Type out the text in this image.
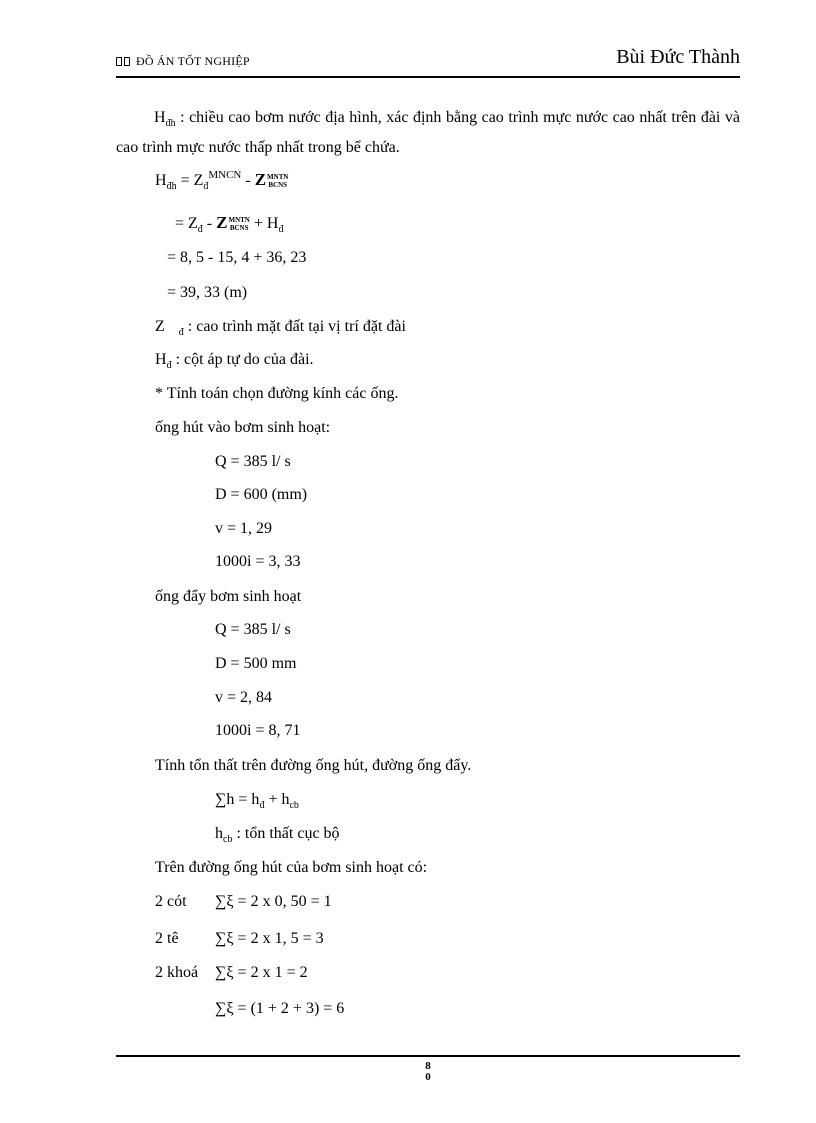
ĐỒ ÁN TỐT NGHIỆP	Bùi Đức Thành
$H_{đh}$ : chiều cao bơm nước địa hình, xác định bằng cao trình mực nước cao nhất trên đài và cao trình mực nước thấp nhất trong bể chứa.
$H_{đh} = Z_đ^{MNCN} - Z$ MNTN
BCNS
= $Z_đ$ - Z MNTN
BCNS + $H_đ$
= 8, 5 - 15, 4 + 36, 23
= 39, 33 (m)
Z $_đ$ : cao trình mặt đất tại vị trí đặt đài
$H_đ$ : cột áp tự do của đài.
* Tính toán chọn đường kính các ống.
ống hút vào bơm sinh hoạt:
Q = 385 l/ s
D = 600 (mm)
v = 1, 29
1000i = 3, 33
ống đẩy bơm sinh hoạt
Q = 385 l/ s
D = 500 mm
v = 2, 84
1000i = 8, 71
Tính tổn thất trên đường ống hút, đường ống đẩy.
$\sum h = h_đ + h_{cb}$
$h_{cb}$ : tổn thất cục bộ
Trên đường ống hút của bơm sinh hoạt có:
2 cót ∑ξ = 2 x 0, 50 = 1
2 tê ∑ξ = 2 x 1, 5 = 3
2 khoá ∑ξ = 2 x 1 = 2
∑ξ = (1 + 2 + 3) = 6
8
0
